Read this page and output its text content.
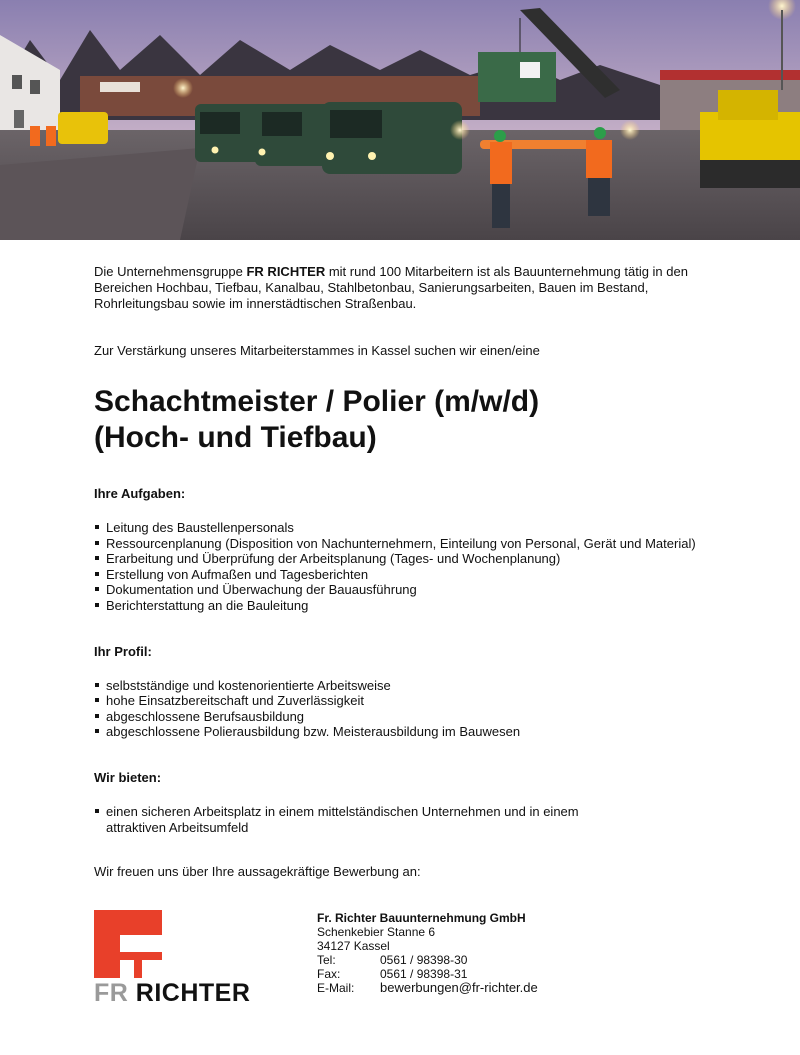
Die Unternehmensgruppe FR RICHTER mit rund 100 Mitarbeitern ist als Bauunternehmung tätig in den Bereichen Hochbau, Tiefbau, Kanalbau, Stahlbetonbau, Sanierungsarbeiten, Bauen im Bestand, Rohrleitungsbau sowie im innerstädtischen Straßenbau.

Zur Verstärkung unseres Mitarbeiterstammes in Kassel suchen wir einen/eine

Schachtmeister / Polier (m/w/d)
(Hoch- und Tiefbau)

Ihre Aufgaben:

Leitung des Baustellenpersonals
Ressourcenplanung (Disposition von Nachunternehmern, Einteilung von Personal, Gerät und Material)
Erarbeitung und Überprüfung der Arbeitsplanung (Tages- und Wochenplanung)
Erstellung von Aufmaßen und Tagesberichten
Dokumentation und Überwachung der Bauausführung
Berichterstattung an die Bauleitung

Ihr Profil:

selbstständige und kostenorientierte Arbeitsweise
hohe Einsatzbereitschaft und Zuverlässigkeit
abgeschlossene Berufsausbildung
abgeschlossene Polierausbildung bzw. Meisterausbildung im Bauwesen

Wir bieten:

einen sicheren Arbeitsplatz in einem mittelständischen Unternehmen und in einem
attraktiven Arbeitsumfeld

Wir freuen uns über Ihre aussagekräftige Bewerbung an:

FR RICHTER
Fr. Richter Bauunternehmung GmbH
Schenkebier Stanne 6
34127 Kassel
Tel:	0561 / 98398-30
Fax:	0561 / 98398-31
E-Mail:	bewerbungen@fr-richter.de
